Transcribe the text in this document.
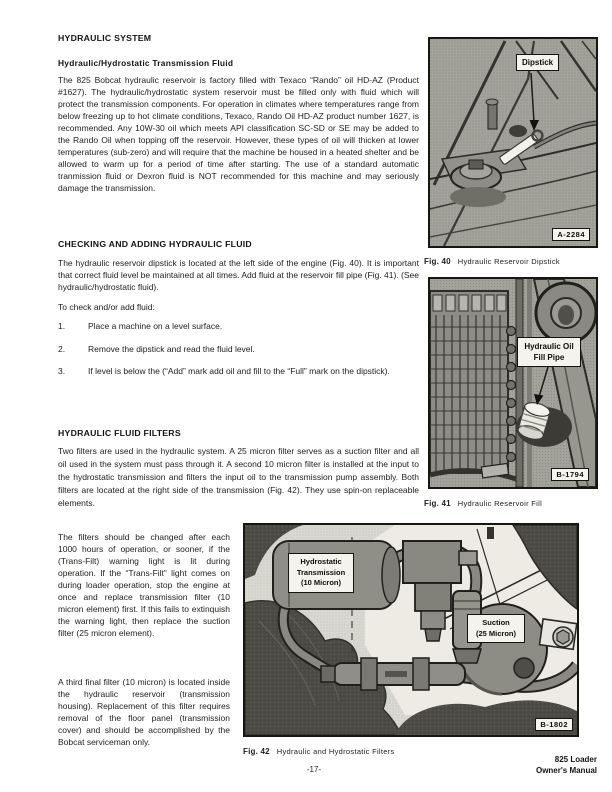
HYDRAULIC SYSTEM
Hydraulic/Hydrostatic Transmission Fluid

The 825 Bobcat hydraulic reservoir is factory filled with Texaco “Rando” oil HD-AZ (Product #1627). The hydraulic/hydrostatic system reservoir must be filled only with fluid which will protect the transmission components. For operation in climates where temperatures range from below freezing up to hot climate conditions, Texaco, Rando Oil HD-AZ product number 1627, is recommended. Any 10W-30 oil which meets API classification SC-SD or SE may be added to the Rando Oil when topping off the reservoir. However, these types of oil will thicken at lower temperatures (sub-zero) and will require that the machine be housed in a heated shelter and be allowed to warm up for a period of time after starting. The use of a standard automatic tranmission fluid or Dexron fluid is NOT recommended for this machine and may seriously damage the transmission.

CHECKING AND ADDING HYDRAULIC FLUID

The hydraulic reservoir dipstick is located at the left side of the engine (Fig. 40). It is important that correct fluid level be maintained at all times. Add fluid at the reservoir fill pipe (Fig. 41). (See hydraulic/hydrostatic fluid).

To check and/or add fluid:
1.	Place a machine on a level surface.
2.	Remove the dipstick and read the fluid level.
3.	If level is below the (“Add” mark add oil and fill to the “Full” mark on the dipstick).
HYDRAULIC FLUID FILTERS

Two filters are used in the hydraulic system. A 25 micron filter serves as a suction filter and all oil used in the system must pass through it. A second 10 micron filter is installed at the input to the hydrostatic transmission and filters the input oil to the transmission pump assembly. Both filters are located at the right side of the transmission (Fig. 42). They use spin-on replaceable elements.

The filters should be changed after each 1000 hours of operation, or sooner, if the (Trans-Filt) warning light is lit during operation. If the “Trans-Filt” light comes on during loader operation, stop the engine at once and replace transmission filter (10 micron element) first. If this fails to extinquish the warning light, then replace the suction filter (25 micron element).

A third final filter (10 micron) is located inside the hydraulic reservoir (transmission housing). Replacement of this filter requires removal of the floor panel (transmission cover) and should be accomplished by the Bobcat serviceman only.

Dipstick
A-2284
Fig. 40 Hydraulic Reservoir Dipstick
Hydraulic Oil
Fill Pipe
B-1794
Fig. 41 Hydraulic Reservoir Fill
Hydrostatic
Transmission
(10 Micron)
Suction
(25 Micron)
B-1802
Fig. 42 Hydraulic and Hydrostatic Filters
-17-
825 Loader
Owner's Manual
